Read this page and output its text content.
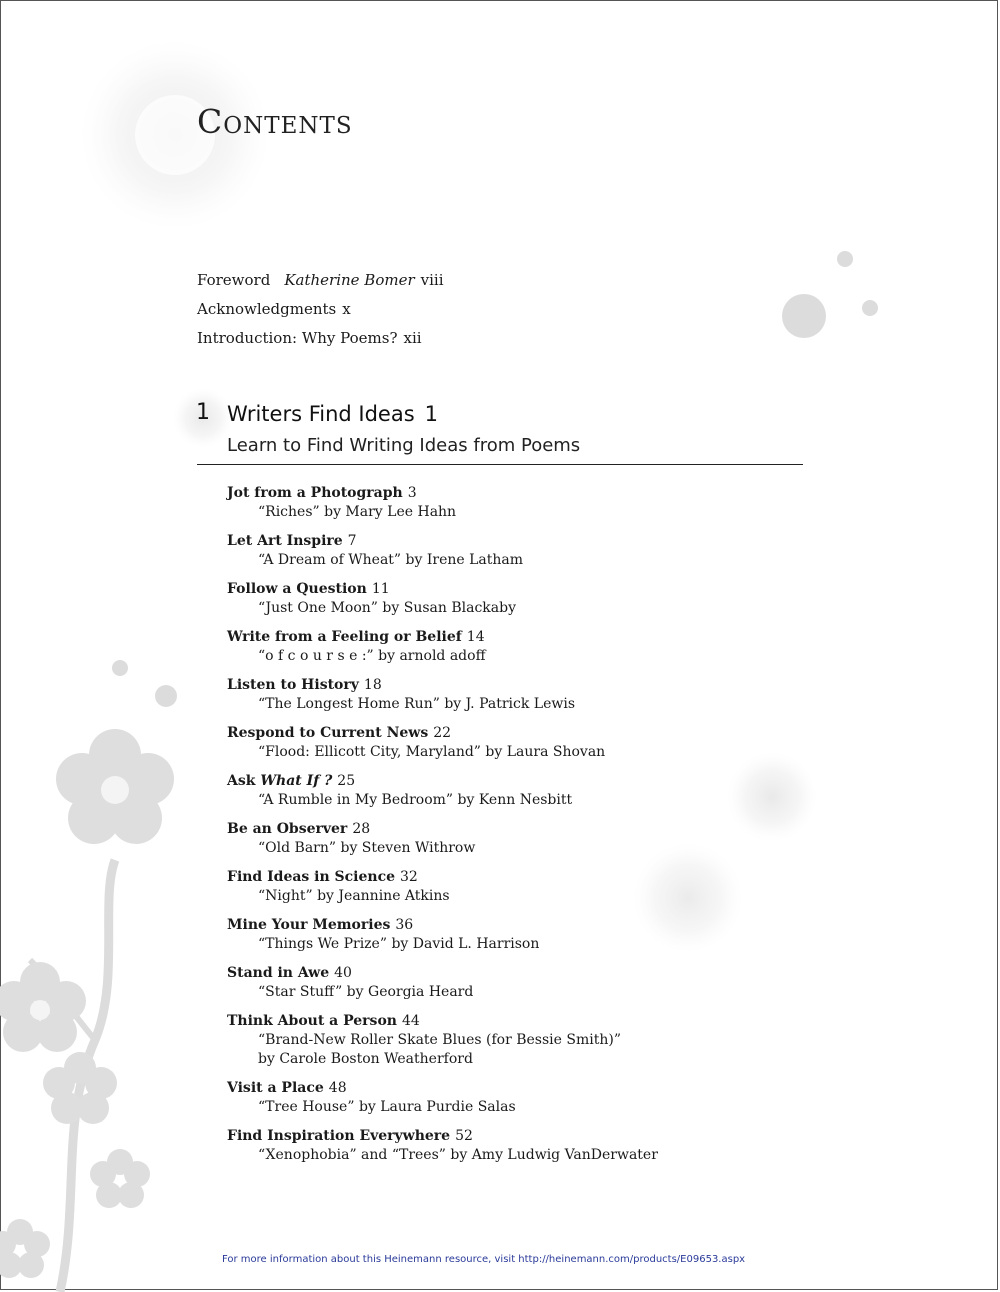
Contents
Foreword Katherine Bomer viii
Acknowledgments x
Introduction: Why Poems? xii
1 Writers Find Ideas 1
Learn to Find Writing Ideas from Poems
Jot from a Photograph 3
“Riches” by Mary Lee Hahn
Let Art Inspire 7
“A Dream of Wheat” by Irene Latham
Follow a Question 11
“Just One Moon” by Susan Blackaby
Write from a Feeling or Belief 14
“o f c o u r s e :” by arnold adoff
Listen to History 18
“The Longest Home Run” by J. Patrick Lewis
Respond to Current News 22
“Flood: Ellicott City, Maryland” by Laura Shovan
Ask What If ? 25
“A Rumble in My Bedroom” by Kenn Nesbitt
Be an Observer 28
“Old Barn” by Steven Withrow
Find Ideas in Science 32
“Night” by Jeannine Atkins
Mine Your Memories 36
“Things We Prize” by David L. Harrison
Stand in Awe 40
“Star Stuff” by Georgia Heard
Think About a Person 44
“Brand-New Roller Skate Blues (for Bessie Smith)”
by Carole Boston Weatherford
Visit a Place 48
“Tree House” by Laura Purdie Salas
Find Inspiration Everywhere 52
“Xenophobia” and “Trees” by Amy Ludwig VanDerwater
For more information about this Heinemann resource, visit http://heinemann.com/products/E09653.aspx
